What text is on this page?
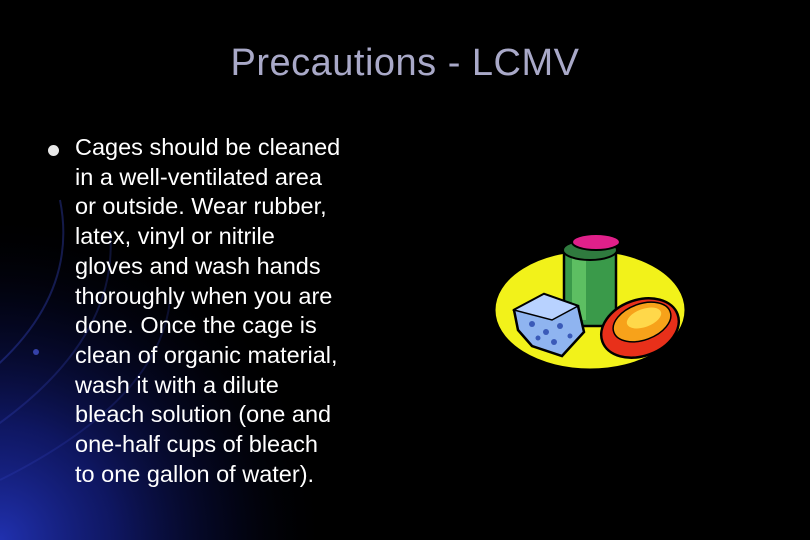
Precautions - LCMV
Cages should be cleaned
in a well-ventilated area
or outside. Wear rubber,
latex, vinyl or nitrile
gloves and wash hands
thoroughly when you are
done. Once the cage is
clean of organic material,
wash it with a dilute
bleach solution (one and
one-half cups of bleach
to one gallon of water).
